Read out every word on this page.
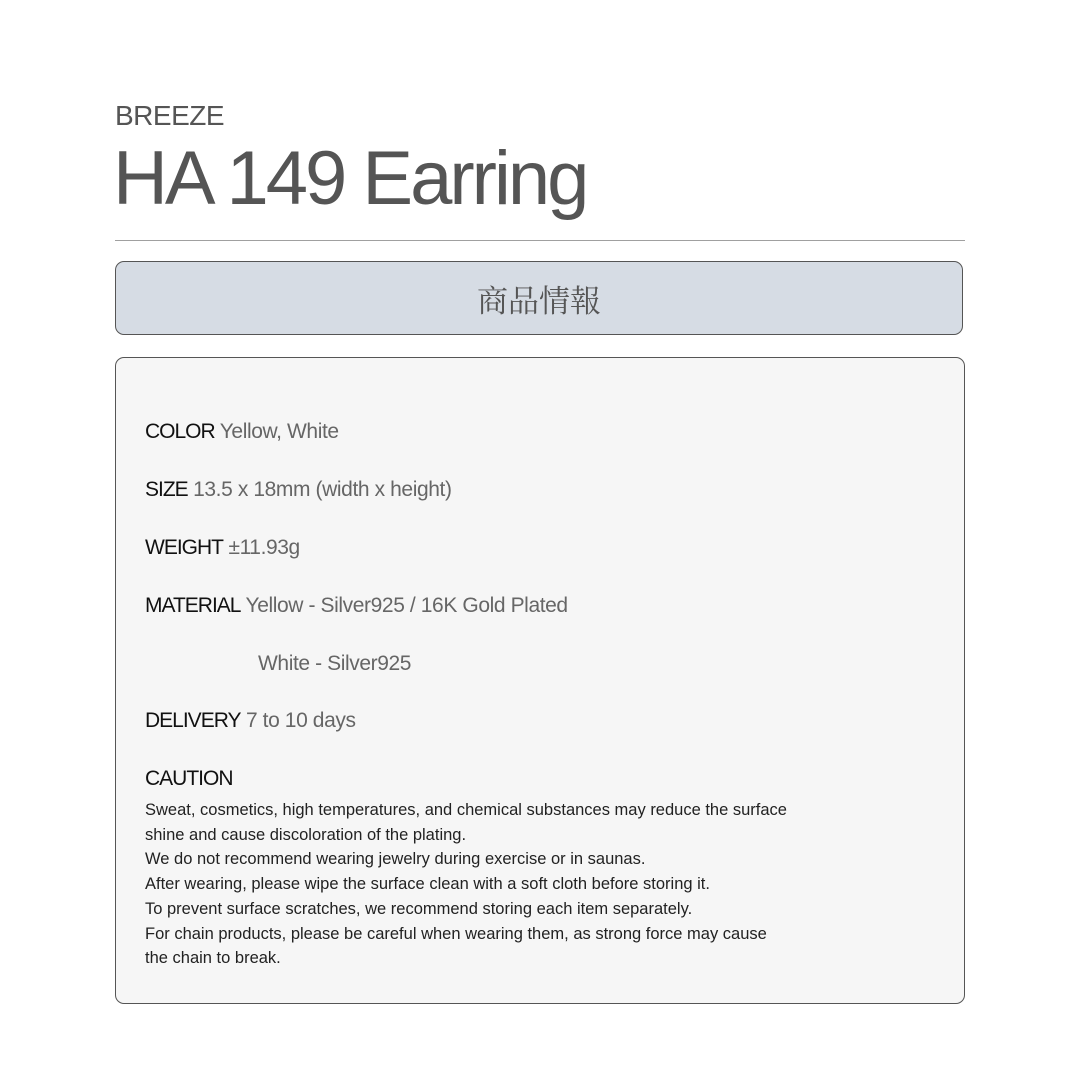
BREEZE
HA 149 Earring
商品情報
COLOR Yellow, White
SIZE 13.5 x 18mm (width x height)
WEIGHT ±11.93g
MATERIAL Yellow - Silver925 / 16K Gold Plated
White - Silver925
DELIVERY 7 to 10 days
CAUTION
Sweat, cosmetics, high temperatures, and chemical substances may reduce the surface
shine and cause discoloration of the plating.
We do not recommend wearing jewelry during exercise or in saunas.
After wearing, please wipe the surface clean with a soft cloth before storing it.
To prevent surface scratches, we recommend storing each item separately.
For chain products, please be careful when wearing them, as strong force may cause
the chain to break.
